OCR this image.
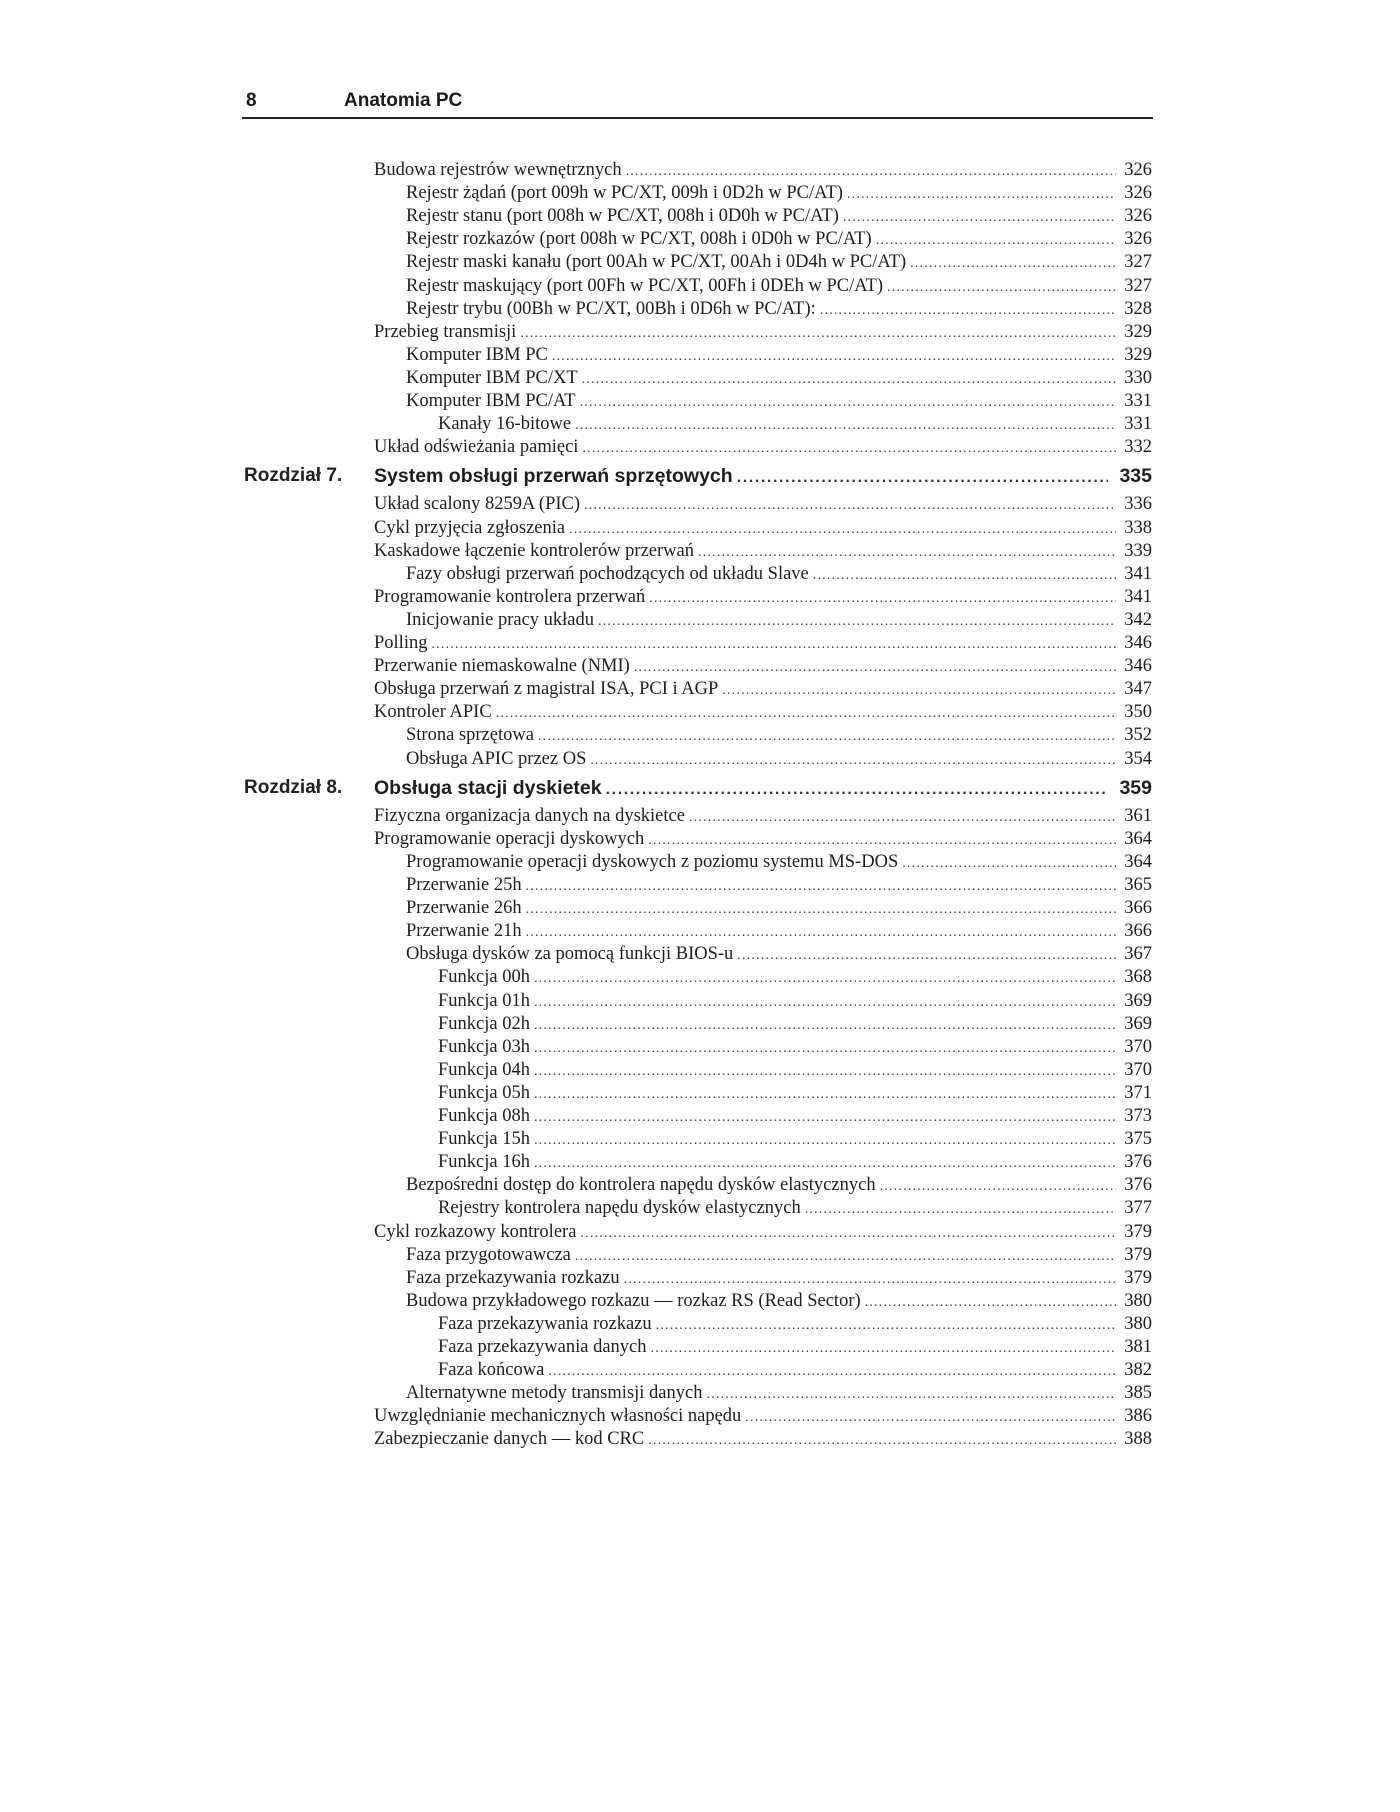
8	Anatomia PC
Budowa rejestrów wewnętrznych .....	326
Rejestr żądań (port 009h w PC/XT, 009h i 0D2h w PC/AT) .....	326
Rejestr stanu (port 008h w PC/XT, 008h i 0D0h w PC/AT) .....	326
Rejestr rozkazów (port 008h w PC/XT, 008h i 0D0h w PC/AT) .....	326
Rejestr maski kanału (port 00Ah w PC/XT, 00Ah i 0D4h w PC/AT) .....	327
Rejestr maskujący (port 00Fh w PC/XT, 00Fh i 0DEh w PC/AT) .....	327
Rejestr trybu (00Bh w PC/XT, 00Bh i 0D6h w PC/AT): .....	328
Przebieg transmisji .....	329
Komputer IBM PC .....	329
Komputer IBM PC/XT .....	330
Komputer IBM PC/AT .....	331
Kanały 16-bitowe .....	331
Układ odświeżania pamięci .....	332
Rozdział 7.	System obsługi przerwań sprzętowych .....	335
Układ scalony 8259A (PIC) .....	336
Cykl przyjęcia zgłoszenia .....	338
Kaskadowe łączenie kontrolerów przerwań .....	339
Fazy obsługi przerwań pochodzących od układu Slave .....	341
Programowanie kontrolera przerwań .....	341
Inicjowanie pracy układu .....	342
Polling .....	346
Przerwanie niemaskowalne (NMI) .....	346
Obsługa przerwań z magistral ISA, PCI i AGP .....	347
Kontroler APIC .....	350
Strona sprzętowa .....	352
Obsługa APIC przez OS .....	354
Rozdział 8.	Obsługa stacji dyskietek .....	359
Fizyczna organizacja danych na dyskietce .....	361
Programowanie operacji dyskowych .....	364
Programowanie operacji dyskowych z poziomu systemu MS-DOS .....	364
Przerwanie 25h .....	365
Przerwanie 26h .....	366
Przerwanie 21h .....	366
Obsługa dysków za pomocą funkcji BIOS-u .....	367
Funkcja 00h .....	368
Funkcja 01h .....	369
Funkcja 02h .....	369
Funkcja 03h .....	370
Funkcja 04h .....	370
Funkcja 05h .....	371
Funkcja 08h .....	373
Funkcja 15h .....	375
Funkcja 16h .....	376
Bezpośredni dostęp do kontrolera napędu dysków elastycznych .....	376
Rejestry kontrolera napędu dysków elastycznych .....	377
Cykl rozkazowy kontrolera .....	379
Faza przygotowawcza .....	379
Faza przekazywania rozkazu .....	379
Budowa przykładowego rozkazu — rozkaz RS (Read Sector) .....	380
Faza przekazywania rozkazu .....	380
Faza przekazywania danych .....	381
Faza końcowa .....	382
Alternatywne metody transmisji danych .....	385
Uwzględnianie mechanicznych własności napędu .....	386
Zabezpieczanie danych — kod CRC .....	388
